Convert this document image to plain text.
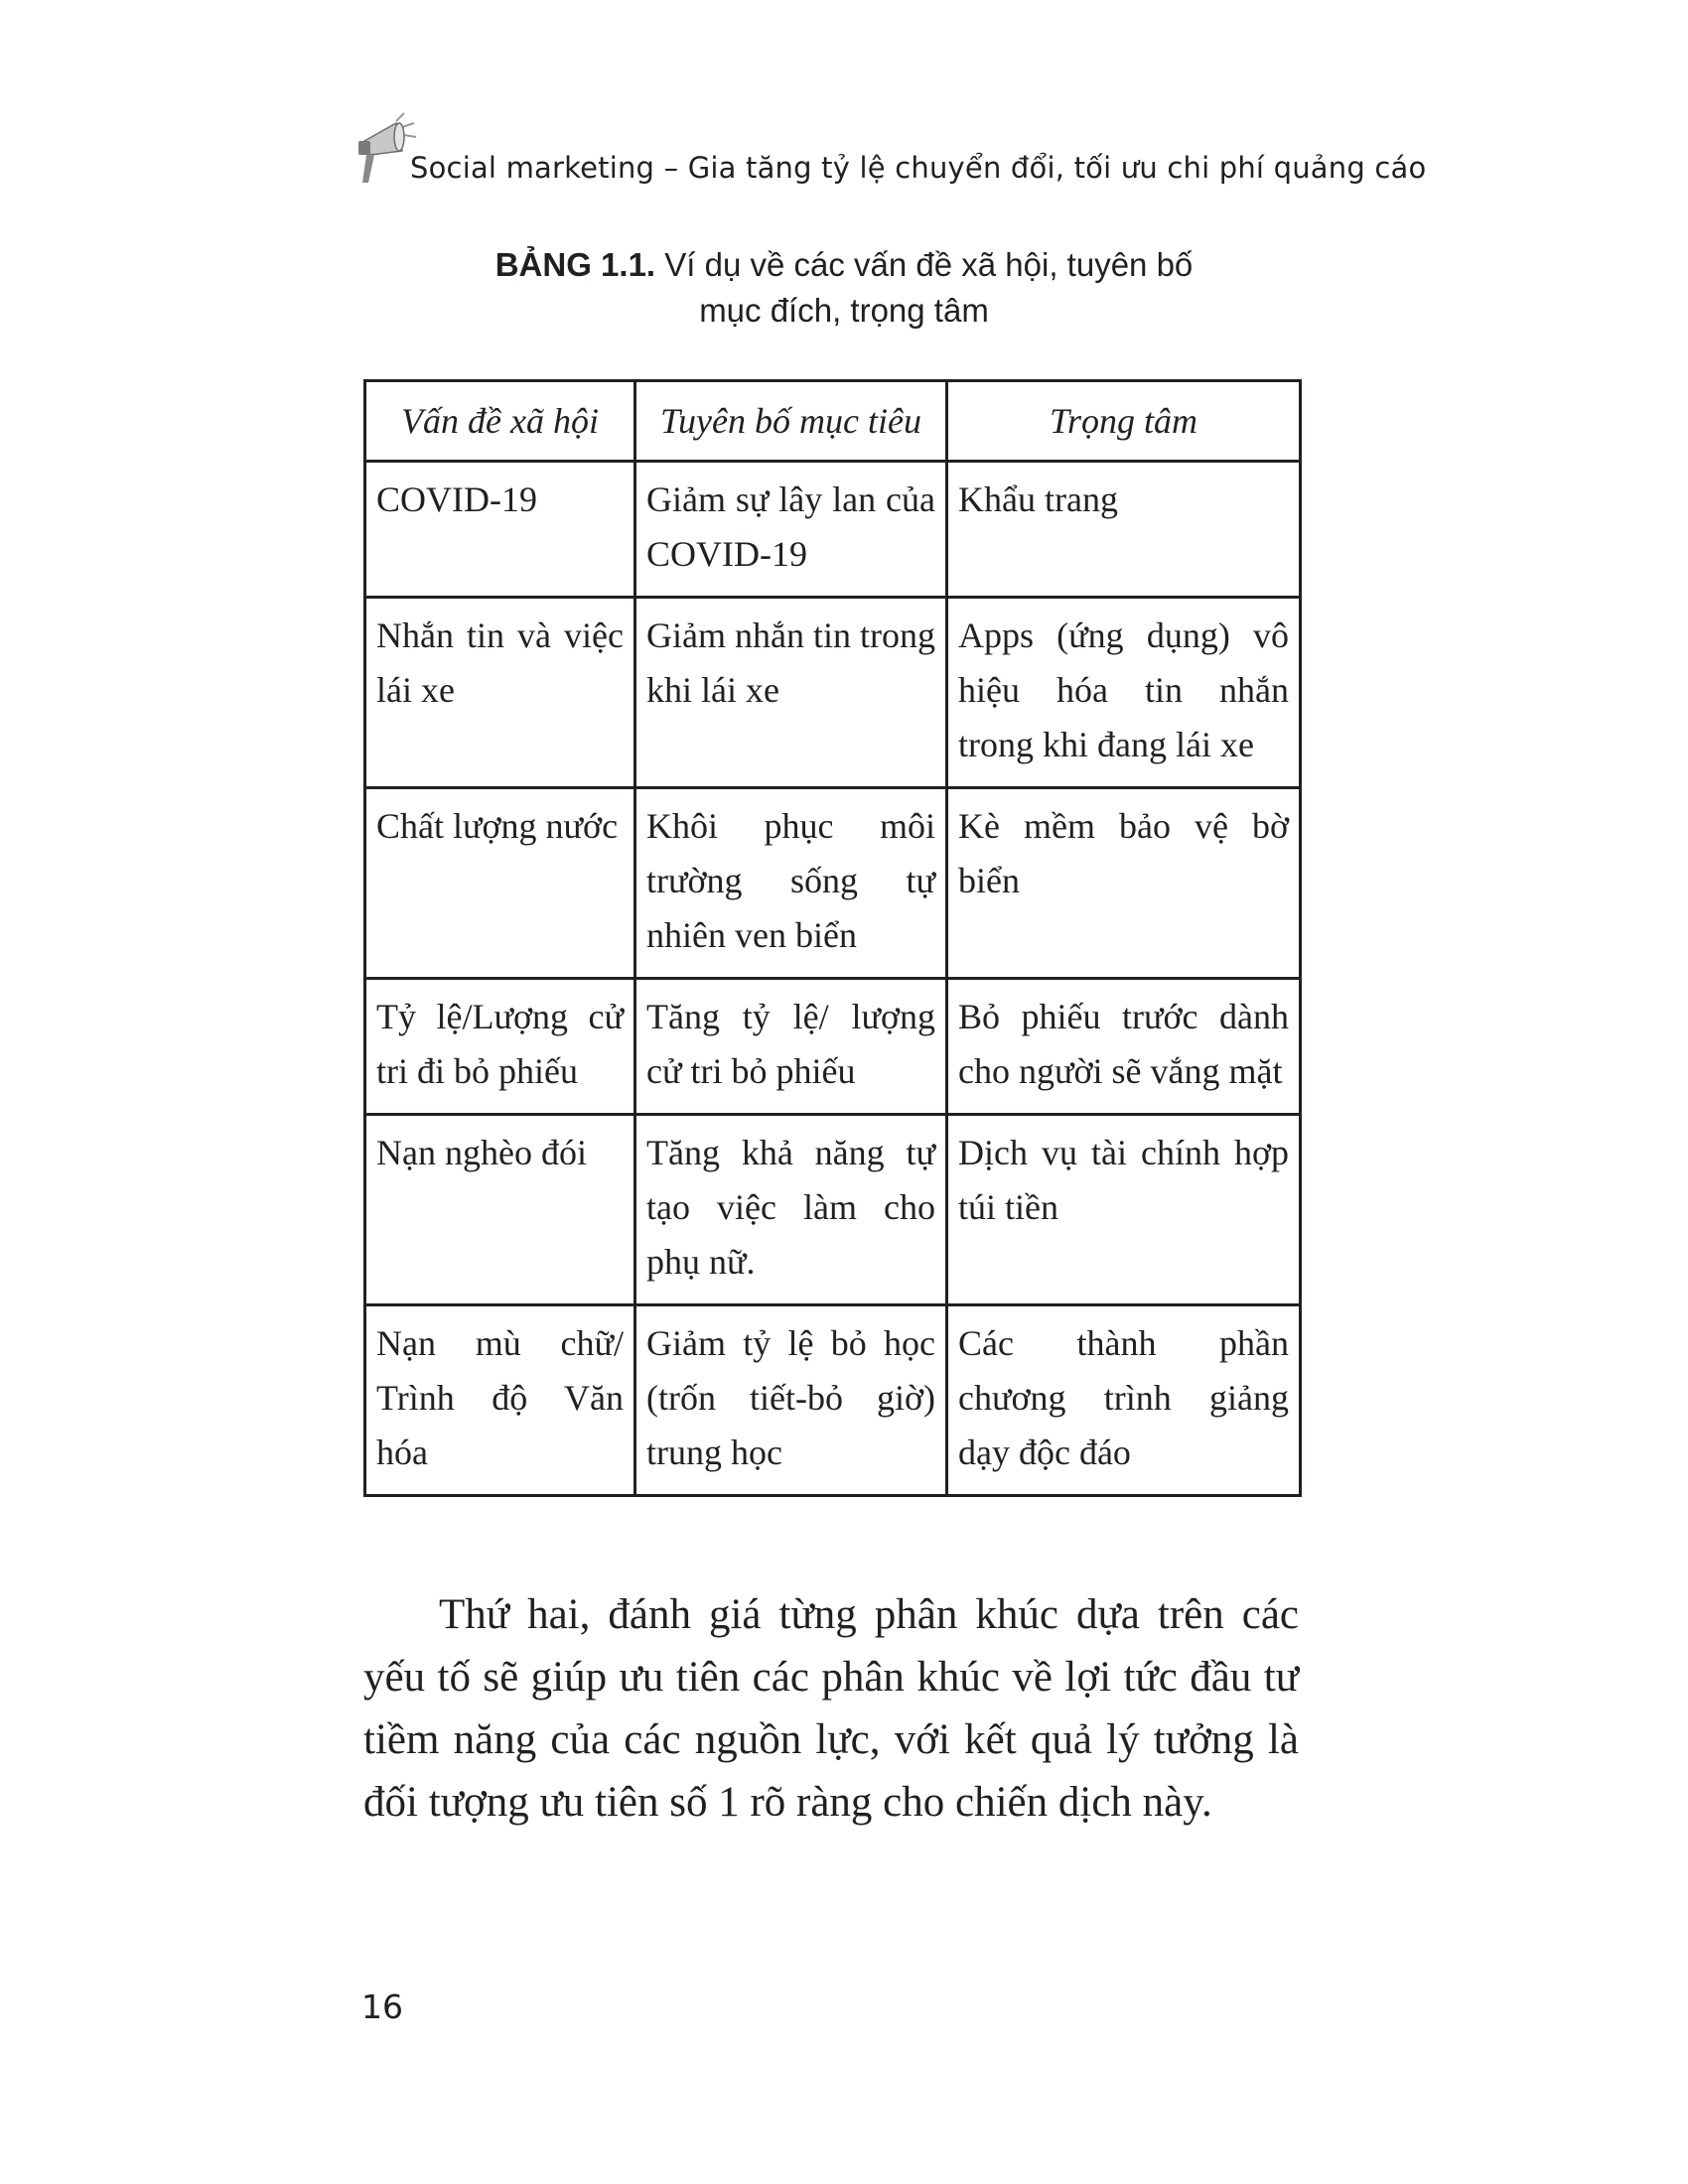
Social marketing – Gia tăng tỷ lệ chuyển đổi, tối ưu chi phí quảng cáo
BẢNG 1.1. Ví dụ về các vấn đề xã hội, tuyên bố
mục đích, trọng tâm
Vấn đề xã hội	Tuyên bố mục tiêu	Trọng tâm
COVID-19	Giảm sự lây lan của COVID-19	Khẩu trang
Nhắn tin và việc lái xe	Giảm nhắn tin trong khi lái xe	Apps (ứng dụng) vô hiệu hóa tin nhắn trong khi đang lái xe
Chất lượng nước	Khôi phục môi trường sống tự nhiên ven biển	Kè mềm bảo vệ bờ biển
Tỷ lệ/Lượng cử tri đi bỏ phiếu	Tăng tỷ lệ/ lượng cử tri bỏ phiếu	Bỏ phiếu trước dành cho người sẽ vắng mặt
Nạn nghèo đói	Tăng khả năng tự tạo việc làm cho phụ nữ.	Dịch vụ tài chính hợp túi tiền
Nạn mù chữ/ Trình độ Văn hóa	Giảm tỷ lệ bỏ học (trốn tiết-bỏ giờ) trung học	Các thành phần chương trình giảng dạy độc đáo

Thứ hai, đánh giá từng phân khúc dựa trên các yếu tố sẽ giúp ưu tiên các phân khúc về lợi tức đầu tư tiềm năng của các nguồn lực, với kết quả lý tưởng là đối tượng ưu tiên số 1 rõ ràng cho chiến dịch này.

16
